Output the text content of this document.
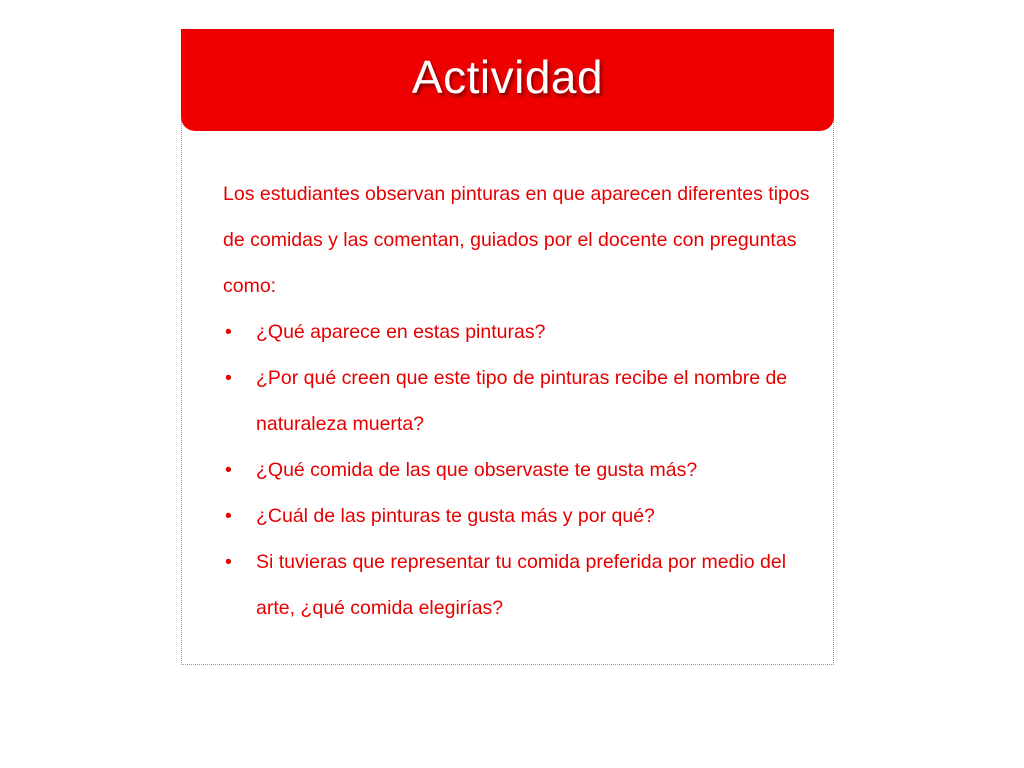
Actividad

Los estudiantes observan pinturas en que aparecen diferentes tipos de comidas y las comentan, guiados por el docente con preguntas como:

• ¿Qué aparece en estas pinturas?
• ¿Por qué creen que este tipo de pinturas recibe el nombre de naturaleza muerta?
• ¿Qué comida de las que observaste te gusta más?
• ¿Cuál de las pinturas te gusta más y por qué?
• Si tuvieras que representar tu comida preferida por medio del arte, ¿qué comida elegirías?
